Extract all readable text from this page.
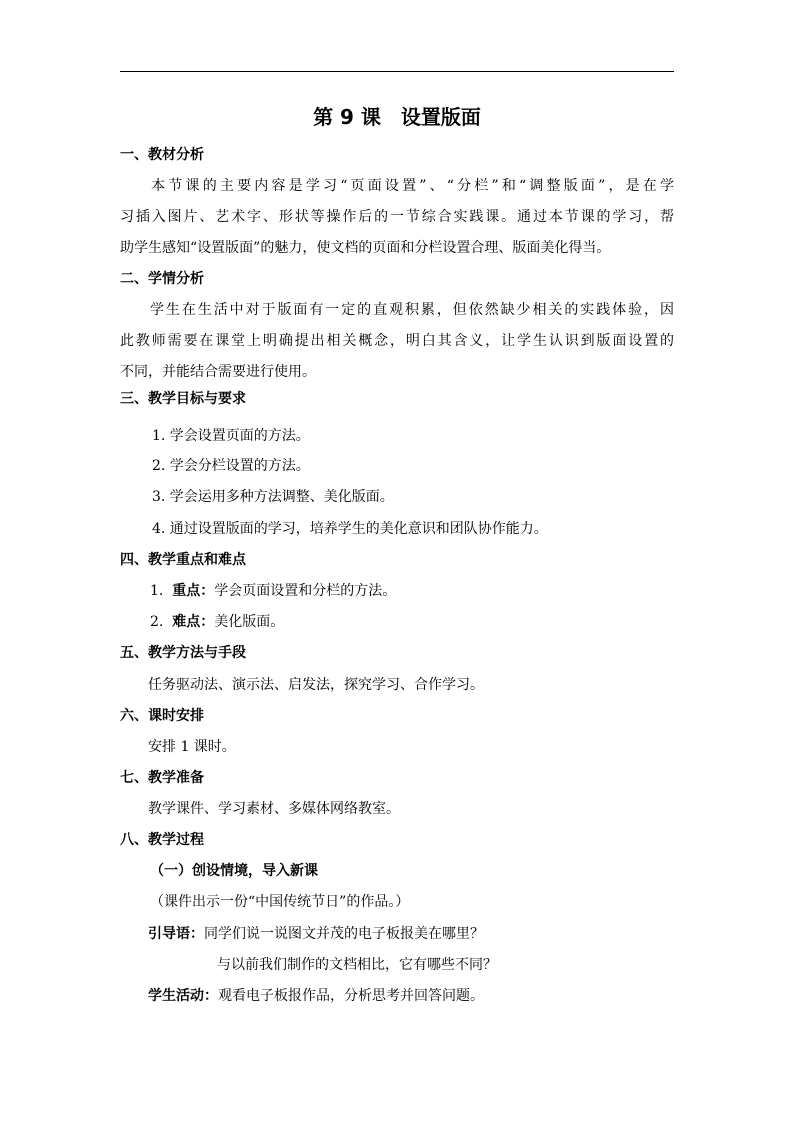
第 9 课　设置版面
一、教材分析
本节课的主要内容是学习“页面设置”、“分栏”和“调整版面”，是在学
习插入图片、艺术字、形状等操作后的一节综合实践课。通过本节课的学习，帮
助学生感知“设置版面”的魅力，使文档的页面和分栏设置合理、版面美化得当。
二、学情分析
学生在生活中对于版面有一定的直观积累，但依然缺少相关的实践体验，因
此教师需要在课堂上明确提出相关概念，明白其含义，让学生认识到版面设置的
不同，并能结合需要进行使用。
三、教学目标与要求
1. 学会设置页面的方法。
2. 学会分栏设置的方法。
3. 学会运用多种方法调整、美化版面。
4. 通过设置版面的学习，培养学生的美化意识和团队协作能力。
四、教学重点和难点
1. 重点：学会页面设置和分栏的方法。
2. 难点：美化版面。
五、教学方法与手段
任务驱动法、演示法、启发法，探究学习、合作学习。
六、课时安排
安排 1 课时。
七、教学准备
教学课件、学习素材、多媒体网络教室。
八、教学过程
（一）创设情境，导入新课
（课件出示一份“中国传统节日”的作品。）
引导语：同学们说一说图文并茂的电子板报美在哪里？
与以前我们制作的文档相比，它有哪些不同？
学生活动：观看电子板报作品，分析思考并回答问题。
